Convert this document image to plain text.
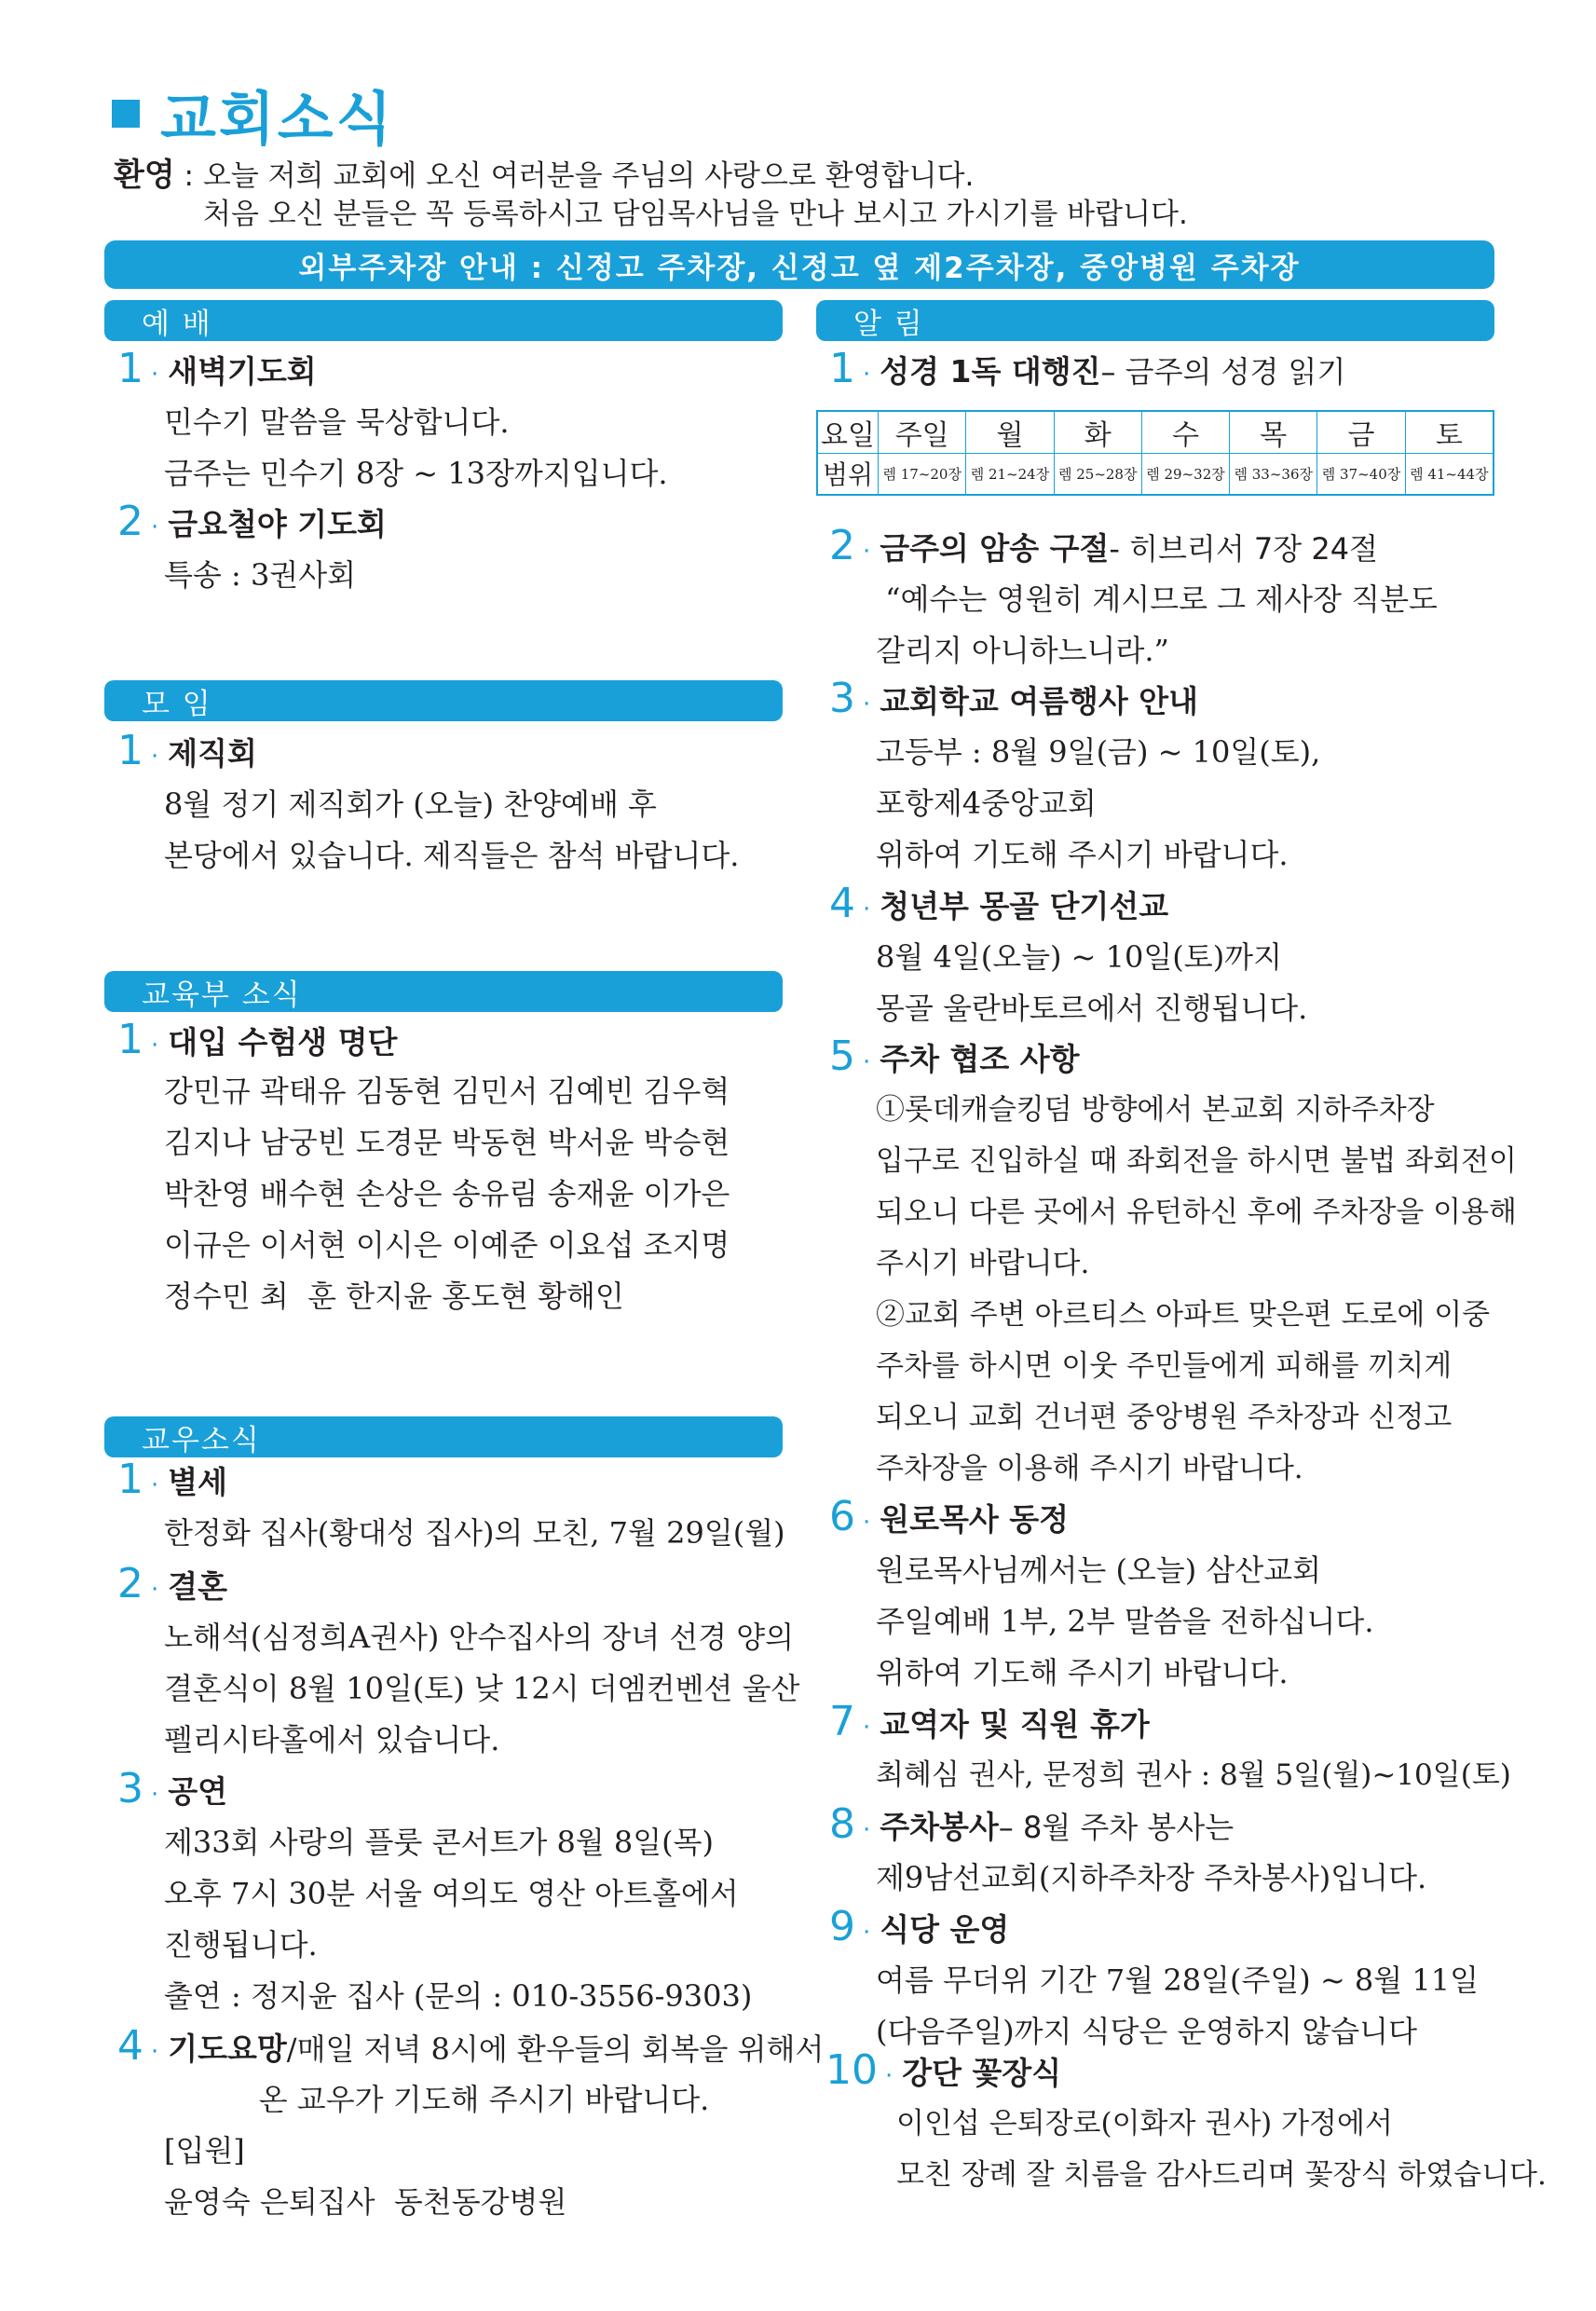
교회소식
환영 : 오늘 저희 교회에 오신 여러분을 주님의 사랑으로 환영합니다.
처음 오신 분들은 꼭 등록하시고 담임목사님을 만나 보시고 가시기를 바랍니다.
외부주차장 안내 : 신정고 주차장, 신정고 옆 제2주차장, 중앙병원 주차장
예 배
1 · 새벽기도회
민수기 말씀을 묵상합니다.
금주는 민수기 8장 ~ 13장까지입니다.
2 · 금요철야 기도회
특송 : 3권사회
모 임
1 · 제직회
8월 정기 제직회가 (오늘) 찬양예배 후
본당에서 있습니다. 제직들은 참석 바랍니다.
교육부 소식
1 · 대입 수험생 명단
강민규 곽태유 김동현 김민서 김예빈 김우혁
김지나 남궁빈 도경문 박동현 박서윤 박승현
박찬영 배수현 손상은 송유림 송재윤 이가은
이규은 이서현 이시은 이예준 이요섭 조지명
정수민 최  훈 한지윤 홍도현 황해인
교우소식
1 · 별세
한정화 집사(황대성 집사)의 모친, 7월 29일(월)
2 · 결혼
노해석(심정희A권사) 안수집사의 장녀 선경 양의
결혼식이 8월 10일(토) 낮 12시 더엠컨벤션 울산
펠리시타홀에서 있습니다.
3 · 공연
제33회 사랑의 플룻 콘서트가 8월 8일(목)
오후 7시 30분 서울 여의도 영산 아트홀에서
진행됩니다.
출연 : 정지윤 집사 (문의 : 010-3556-9303)
4 · 기도요망 /매일 저녁 8시에 환우들의 회복을 위해서
온 교우가 기도해 주시기 바랍니다.
[입원]
윤영숙 은퇴집사  동천동강병원
알 림
1 · 성경 1독 대행진 – 금주의 성경 읽기
요일	주일	월	화	수	목	금	토
범위	렘 17~20장	렘 21~24장	렘 25~28장	렘 29~32장	렘 33~36장	렘 37~40장	렘 41~44장
2 · 금주의 암송 구절 - 히브리서 7장 24절
“예수는 영원히 계시므로 그 제사장 직분도
갈리지 아니하느니라.”
3 · 교회학교 여름행사 안내
고등부 : 8월 9일(금) ~ 10일(토),
포항제4중앙교회
위하여 기도해 주시기 바랍니다.
4 · 청년부 몽골 단기선교
8월 4일(오늘) ~ 10일(토)까지
몽골 울란바토르에서 진행됩니다.
5 · 주차 협조 사항
①롯데캐슬킹덤 방향에서 본교회 지하주차장
입구로 진입하실 때 좌회전을 하시면 불법 좌회전이
되오니 다른 곳에서 유턴하신 후에 주차장을 이용해
주시기 바랍니다.
②교회 주변 아르티스 아파트 맞은편 도로에 이중
주차를 하시면 이웃 주민들에게 피해를 끼치게
되오니 교회 건너편 중앙병원 주차장과 신정고
주차장을 이용해 주시기 바랍니다.
6 · 원로목사 동정
원로목사님께서는 (오늘) 삼산교회
주일예배 1부, 2부 말씀을 전하십니다.
위하여 기도해 주시기 바랍니다.
7 · 교역자 및 직원 휴가
최혜심 권사, 문정희 권사 : 8월 5일(월)~10일(토)
8 · 주차봉사 – 8월 주차 봉사는
제9남선교회(지하주차장 주차봉사)입니다.
9 · 식당 운영
여름 무더위 기간 7월 28일(주일) ~ 8월 11일
(다음주일)까지 식당은 운영하지 않습니다
10 · 강단 꽃장식
이인섭 은퇴장로(이화자 권사) 가정에서
모친 장례 잘 치름을 감사드리며 꽃장식 하였습니다.
